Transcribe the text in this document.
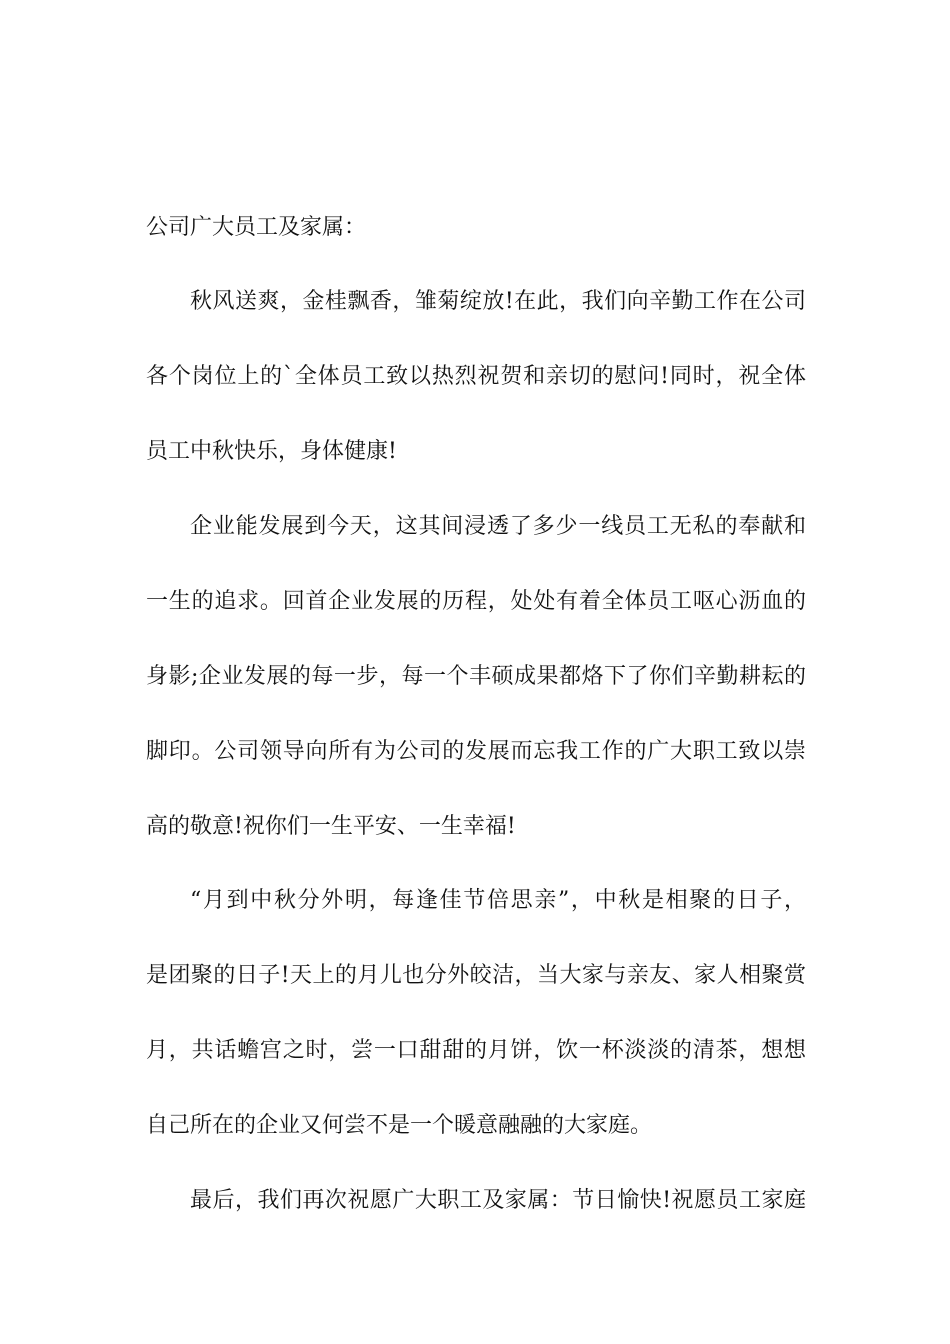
公司广大员工及家属：
秋风送爽，金桂飘香，雏菊绽放!在此，我们向辛勤工作在公司
各个岗位上的`全体员工致以热烈祝贺和亲切的慰问!同时，祝全体
员工中秋快乐，身体健康!
企业能发展到今天，这其间浸透了多少一线员工无私的奉献和
一生的追求。回首企业发展的历程，处处有着全体员工呕心沥血的
身影;企业发展的每一步，每一个丰硕成果都烙下了你们辛勤耕耘的
脚印。公司领导向所有为公司的发展而忘我工作的广大职工致以崇
高的敬意!祝你们一生平安、一生幸福!
“月到中秋分外明，每逢佳节倍思亲”，中秋是相聚的日子，
是团聚的日子!天上的月儿也分外皎洁，当大家与亲友、家人相聚赏
月，共话蟾宫之时，尝一口甜甜的月饼，饮一杯淡淡的清茶，想想
自己所在的企业又何尝不是一个暖意融融的大家庭。
最后，我们再次祝愿广大职工及家属：节日愉快!祝愿员工家庭
